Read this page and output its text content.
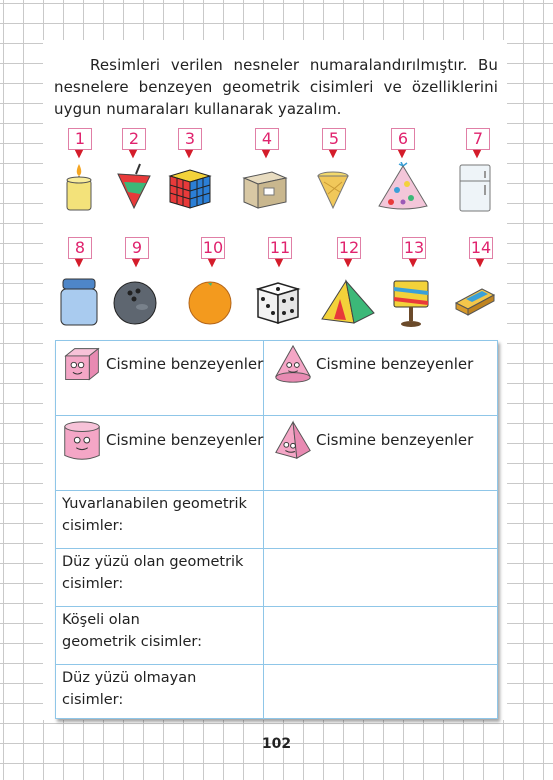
Resimleri verilen nesneler numaralandırılmıştır. Bu nesnelere benzeyen geometrik cisimleri ve özelliklerini uygun numaraları kullanarak yazalım.

1
▼
2
▼
3
▼
4
▼
5
▼
6
▼
7
▼
8
▼
9
▼
10
▼
11
▼
12
▼
13
▼
14
▼
Cismine benzeyenler	Cismine benzeyenler
Cismine benzeyenler	Cismine benzeyenler
Yuvarlanabilen geometrik cisimler:
Düz yüzü olan geometrik cisimler:
Köşeli olan geometrik cisimler:
Düz yüzü olmayan cisimler:
102
